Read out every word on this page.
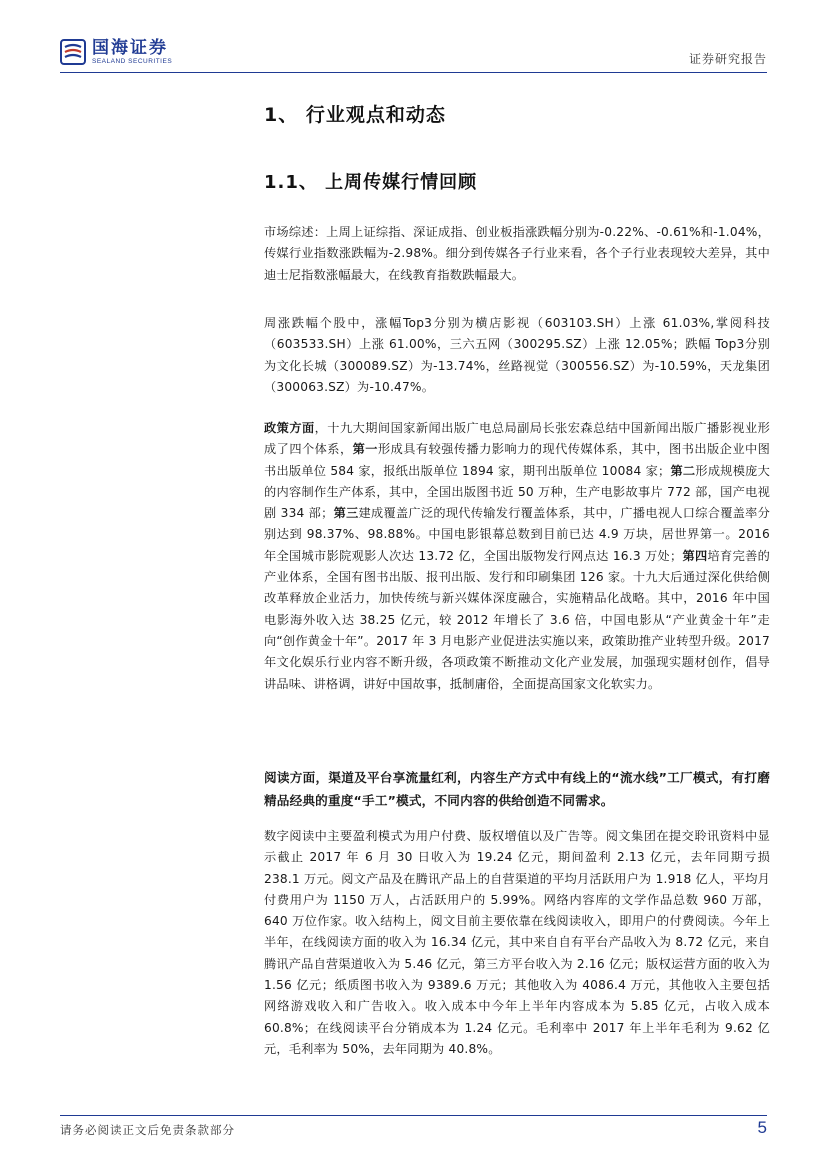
国海证券
SEALAND SECURITIES	证券研究报告
1、 行业观点和动态
1.1、 上周传媒行情回顾
市场综述：上周上证综指、深证成指、创业板指涨跌幅分别为-0.22%、-0.61%和-1.04%，传媒行业指数涨跌幅为-2.98%。细分到传媒各子行业来看，各个子行业表现较大差异，其中迪士尼指数涨幅最大，在线教育指数跌幅最大。
周涨跌幅个股中，涨幅Top3分别为横店影视（603103.SH）上涨 61.03%,掌阅科技（603533.SH）上涨 61.00%，三六五网（300295.SZ）上涨 12.05%；跌幅 Top3分别为文化长城（300089.SZ）为-13.74%，丝路视觉（300556.SZ）为-10.59%，天龙集团（300063.SZ）为-10.47%。
政策方面，十九大期间国家新闻出版广电总局副局长张宏森总结中国新闻出版广播影视业形成了四个体系，第一形成具有较强传播力影响力的现代传媒体系，其中，图书出版企业中图书出版单位 584 家，报纸出版单位 1894 家，期刊出版单位 10084 家；第二形成规模庞大的内容制作生产体系，其中，全国出版图书近 50 万种，生产电影故事片 772 部，国产电视剧 334 部；第三建成覆盖广泛的现代传输发行覆盖体系，其中，广播电视人口综合覆盖率分别达到 98.37%、98.88%。中国电影银幕总数到目前已达 4.9 万块，居世界第一。2016 年全国城市影院观影人次达 13.72 亿，全国出版物发行网点达 16.3 万处；第四培育完善的产业体系，全国有图书出版、报刊出版、发行和印刷集团 126 家。十九大后通过深化供给侧改革释放企业活力，加快传统与新兴媒体深度融合，实施精品化战略。其中，2016 年中国电影海外收入达 38.25 亿元，较 2012 年增长了 3.6 倍，中国电影从“产业黄金十年”走向“创作黄金十年”。2017 年 3 月电影产业促进法实施以来，政策助推产业转型升级。2017 年文化娱乐行业内容不断升级，各项政策不断推动文化产业发展，加强现实题材创作，倡导讲品味、讲格调，讲好中国故事，抵制庸俗，全面提高国家文化软实力。
阅读方面，渠道及平台享流量红利，内容生产方式中有线上的“流水线”工厂模式，有打磨精品经典的重度“手工”模式，不同内容的供给创造不同需求。
数字阅读中主要盈利模式为用户付费、版权增值以及广告等。阅文集团在提交聆讯资料中显示截止 2017 年 6 月 30 日收入为 19.24 亿元，期间盈利 2.13 亿元，去年同期亏损 238.1 万元。阅文产品及在腾讯产品上的自营渠道的平均月活跃用户为 1.918 亿人，平均月付费用户为 1150 万人，占活跃用户的 5.99%。网络内容库的文学作品总数 960 万部，640 万位作家。收入结构上，阅文目前主要依靠在线阅读收入，即用户的付费阅读。今年上半年，在线阅读方面的收入为 16.34 亿元，其中来自自有平台产品收入为 8.72 亿元，来自腾讯产品自营渠道收入为 5.46 亿元，第三方平台收入为 2.16 亿元；版权运营方面的收入为 1.56 亿元；纸质图书收入为 9389.6 万元；其他收入为 4086.4 万元，其他收入主要包括网络游戏收入和广告收入。收入成本中今年上半年内容成本为 5.85 亿元，占收入成本 60.8%；在线阅读平台分销成本为 1.24 亿元。毛利率中 2017 年上半年毛利为 9.62 亿元，毛利率为 50%，去年同期为 40.8%。
请务必阅读正文后免责条款部分	5
